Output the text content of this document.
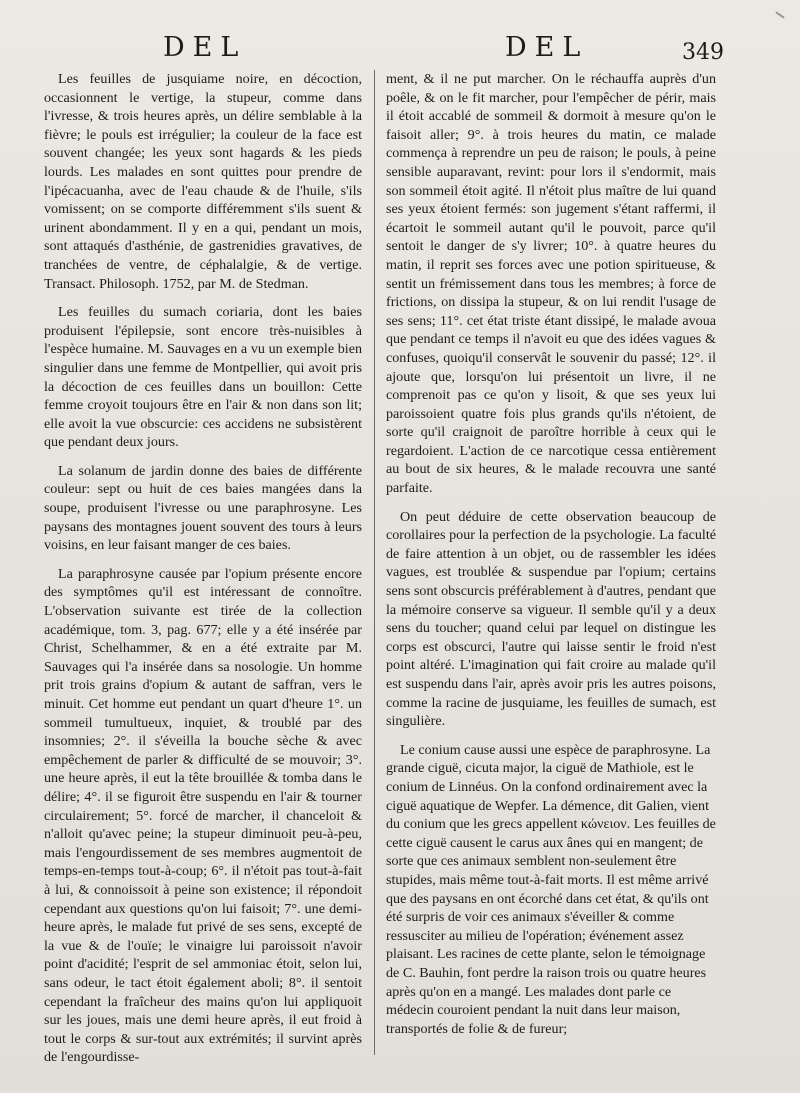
DEL	DEL	349

Les feuilles de jusquiame noire, en décoction, occasionnent le vertige, la stupeur, comme dans l'ivresse, & trois heures après, un délire semblable à la fièvre; le pouls est irrégulier; la couleur de la face est souvent changée; les yeux sont hagards & les pieds lourds. Les malades en sont quittes pour prendre de l'ipécacuanha, avec de l'eau chaude & de l'huile, s'ils vomissent; on se comporte différemment s'ils suent & urinent abondamment. Il y en a qui, pendant un mois, sont attaqués d'asthénie, de gastrenidies gravatives, de tranchées de ventre, de céphalalgie, & de vertige. Transact. Philosoph. 1752, par M. de Stedman.

Les feuilles du sumach coriaria, dont les baies produisent l'épilepsie, sont encore très-nuisibles à l'espèce humaine. M. Sauvages en a vu un exemple bien singulier dans une femme de Montpellier, qui avoit pris la décoction de ces feuilles dans un bouillon: Cette femme croyoit toujours être en l'air & non dans son lit; elle avoit la vue obscurcie: ces accidens ne subsistèrent que pendant deux jours.

La solanum de jardin donne des baies de différente couleur: sept ou huit de ces baies mangées dans la soupe, produisent l'ivresse ou une paraphrosyne. Les paysans des montagnes jouent souvent des tours à leurs voisins, en leur faisant manger de ces baies.

La paraphrosyne causée par l'opium présente encore des symptômes qu'il est intéressant de connoître. L'observation suivante est tirée de la collection académique, tom. 3, pag. 677; elle y a été insérée par Christ, Schelhammer, & en a été extraite par M. Sauvages qui l'a insérée dans sa nosologie. Un homme prit trois grains d'opium & autant de saffran, vers le minuit. Cet homme eut pendant un quart d'heure 1°. un sommeil tumultueux, inquiet, & troublé par des insomnies; 2°. il s'éveilla la bouche sèche & avec empêchement de parler & difficulté de se mouvoir; 3°. une heure après, il eut la tête brouillée & tomba dans le délire; 4°. il se figuroit être suspendu en l'air & tourner circulairement; 5°. forcé de marcher, il chanceloit & n'alloit qu'avec peine; la stupeur diminuoit peu-à-peu, mais l'engourdissement de ses membres augmentoit de temps-en-temps tout-à-coup; 6°. il n'étoit pas tout-à-fait à lui, & connoissoit à peine son existence; il répondoit cependant aux questions qu'on lui faisoit; 7°. une demi-heure après, le malade fut privé de ses sens, excepté de la vue & de l'ouïe; le vinaigre lui paroissoit n'avoir point d'acidité; l'esprit de sel ammoniac étoit, selon lui, sans odeur, le tact étoit également aboli; 8°. il sentoit cependant la fraîcheur des mains qu'on lui appliquoit sur les joues, mais une demi heure après, il eut froid à tout le corps & sur-tout aux extrémités; il survint après de l'engourdisse-

ment, & il ne put marcher. On le réchauffa auprès d'un poêle, & on le fit marcher, pour l'empêcher de périr, mais il étoit accablé de sommeil & dormoit à mesure qu'on le faisoit aller; 9°. à trois heures du matin, ce malade commença à reprendre un peu de raison; le pouls, à peine sensible auparavant, revint: pour lors il s'endormit, mais son sommeil étoit agité. Il n'étoit plus maître de lui quand ses yeux étoient fermés: son jugement s'étant raffermi, il écartoit le sommeil autant qu'il le pouvoit, parce qu'il sentoit le danger de s'y livrer; 10°. à quatre heures du matin, il reprit ses forces avec une potion spiritueuse, & sentit un frémissement dans tous les membres; à force de frictions, on dissipa la stupeur, & on lui rendit l'usage de ses sens; 11°. cet état triste étant dissipé, le malade avoua que pendant ce temps il n'avoit eu que des idées vagues & confuses, quoiqu'il conservât le souvenir du passé; 12°. il ajoute que, lorsqu'on lui présentoit un livre, il ne comprenoit pas ce qu'on y lisoit, & que ses yeux lui paroissoient quatre fois plus grands qu'ils n'étoient, de sorte qu'il craignoit de paroître horrible à ceux qui le regardoient. L'action de ce narcotique cessa entièrement au bout de six heures, & le malade recouvra une santé parfaite.

On peut déduire de cette observation beaucoup de corollaires pour la perfection de la psychologie. La faculté de faire attention à un objet, ou de rassembler les idées vagues, est troublée & suspendue par l'opium; certains sens sont obscurcis préférablement à d'autres, pendant que la mémoire conserve sa vigueur. Il semble qu'il y a deux sens du toucher; quand celui par lequel on distingue les corps est obscurci, l'autre qui laisse sentir le froid n'est point altéré. L'imagination qui fait croire au malade qu'il est suspendu dans l'air, après avoir pris les autres poisons, comme la racine de jusquiame, les feuilles de sumach, est singulière.

Le conium cause aussi une espèce de paraphrosyne. La grande ciguë, cicuta major, la ciguë de Mathiole, est le conium de Linnéus. On la confond ordinairement avec la ciguë aquatique de Wepfer. La démence, dit Galien, vient du conium que les grecs appellent κώνειον. Les feuilles de cette ciguë causent le carus aux ânes qui en mangent; de sorte que ces animaux semblent non-seulement être stupides, mais même tout-à-fait morts. Il est même arrivé que des paysans en ont écorché dans cet état, & qu'ils ont été surpris de voir ces animaux s'éveiller & comme ressusciter au milieu de l'opération; événement assez plaisant. Les racines de cette plante, selon le témoignage de C. Bauhin, font perdre la raison trois ou quatre heures après qu'on en a mangé. Les malades dont parle ce médecin couroient pendant la nuit dans leur maison, transportés de folie & de fureur;
